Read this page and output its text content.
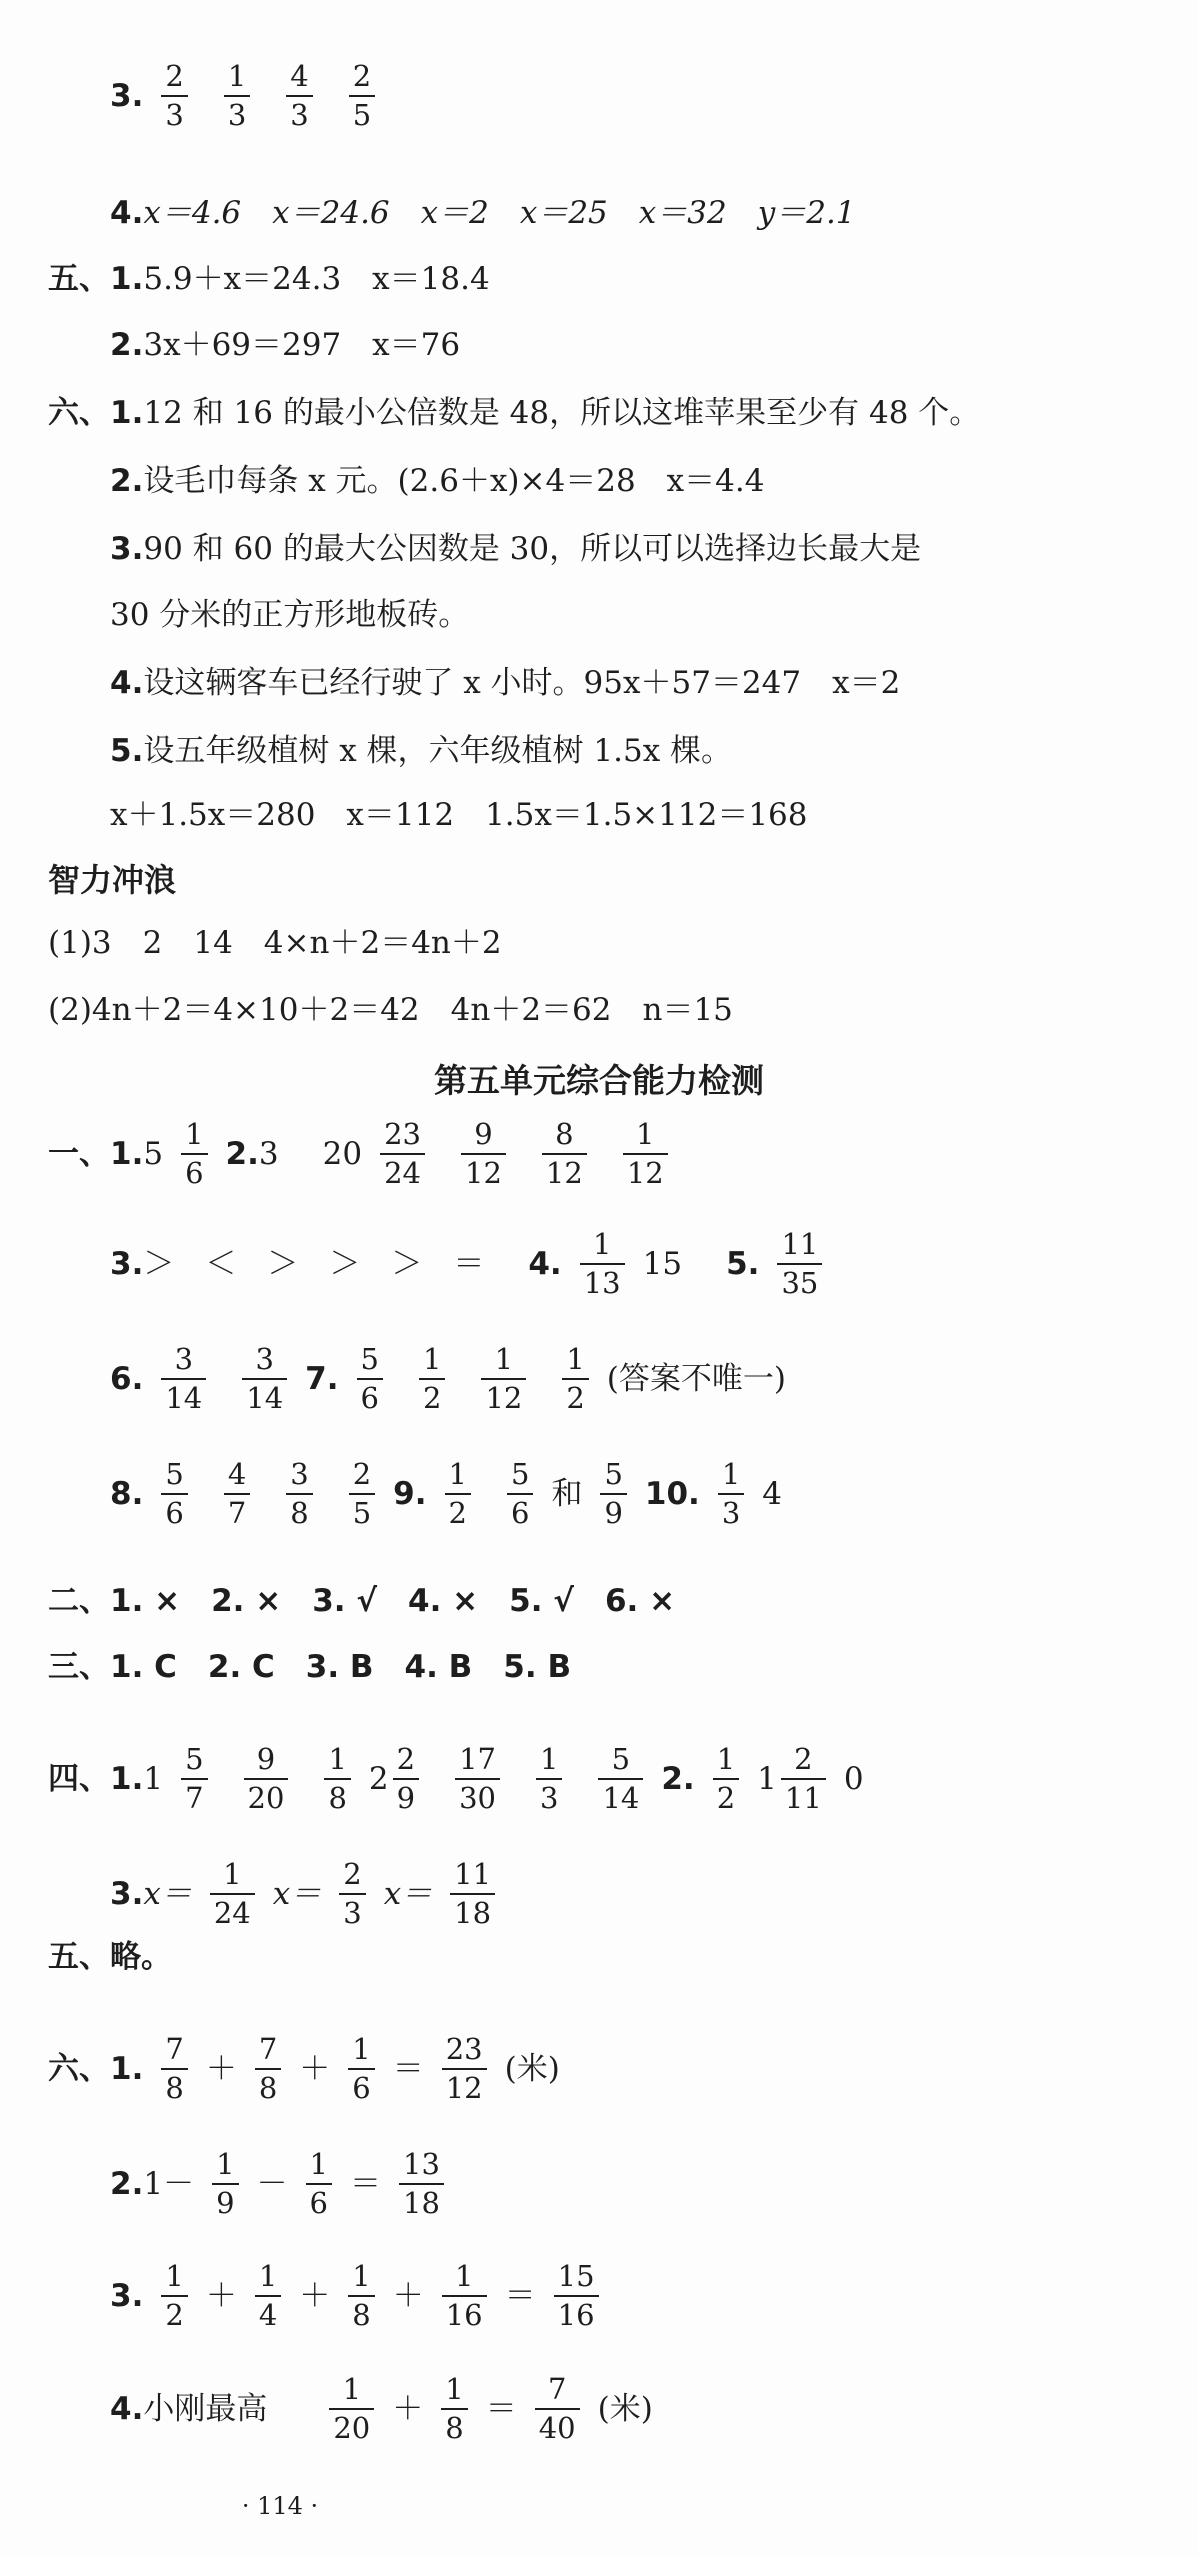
3. $\frac{2}{3} \frac{1}{3} \frac{4}{3} \frac{2}{5}$
4. x＝4.6　x＝24.6　x＝2　x＝25　x＝32　y＝2.1
五、1. 5.9＋x＝24.3　x＝18.4
2. 3x＋69＝297　x＝76
六、1. 12 和 16 的最小公倍数是 48，所以这堆苹果至少有 48 个。
2. 设毛巾每条 x 元。(2.6＋x)×4＝28　x＝4.4
3. 90 和 60 的最大公因数是 30，所以可以选择边长最大是
30 分米的正方形地板砖。
4. 设这辆客车已经行驶了 x 小时。95x＋57＝247　x＝2
5. 设五年级植树 x 棵，六年级植树 1.5x 棵。
x＋1.5x＝280　x＝112　1.5x＝1.5×112＝168
智力冲浪
(1)3　2　14　4×n＋2＝4n＋2
(2)4n＋2＝4×10＋2＝42　4n＋2＝62　n＝15
第五单元综合能力检测
一、1. $5 \frac{1}{6} 2$. 3 $20 \frac{23}{24} \frac{9}{12} \frac{8}{12} \frac{1}{12}$
3. ＞　＜　＞　＞　＞　＝ 4. $\frac{1}{13} 15$ 5. $\frac{11}{35}$
6. $\frac{3}{14} \frac{3}{14} 7$. $\frac{5}{6} \frac{1}{2} \frac{1}{12} \frac{1}{2}$ (答案不唯一)
8. $\frac{5}{6} \frac{4}{7} \frac{3}{8} \frac{2}{5} 9$. $\frac{1}{2} \frac{5}{6}$ 和 $\frac{5}{9} 10$. $\frac{1}{3} 4$
二、1. ×　2. ×　3. √　4. ×　5. √　6. ×
三、1. C　2. C　3. B　4. B　5. B
四、1. $1 \frac{5}{7} \frac{9}{20} \frac{1}{8} 2 \frac{2}{9} \frac{17}{30} \frac{1}{3} \frac{5}{14} 2$. $\frac{1}{2} 1 \frac{2}{11} 0$
3. $x= \frac{1}{24} x= \frac{2}{3} x= \frac{11}{18}$
五、略。
六、1. $\frac{7}{8} + \frac{7}{8} + \frac{1}{6} = \frac{23}{12}$ (米)
2. $1 - \frac{1}{9} - \frac{1}{6} = \frac{13}{18}$
3. $\frac{1}{2} + \frac{1}{4} + \frac{1}{8} + \frac{1}{16} = \frac{15}{16}$
4. 小刚最高 $\frac{1}{20} + \frac{1}{8} = \frac{7}{40}$ (米)
· 114 ·
